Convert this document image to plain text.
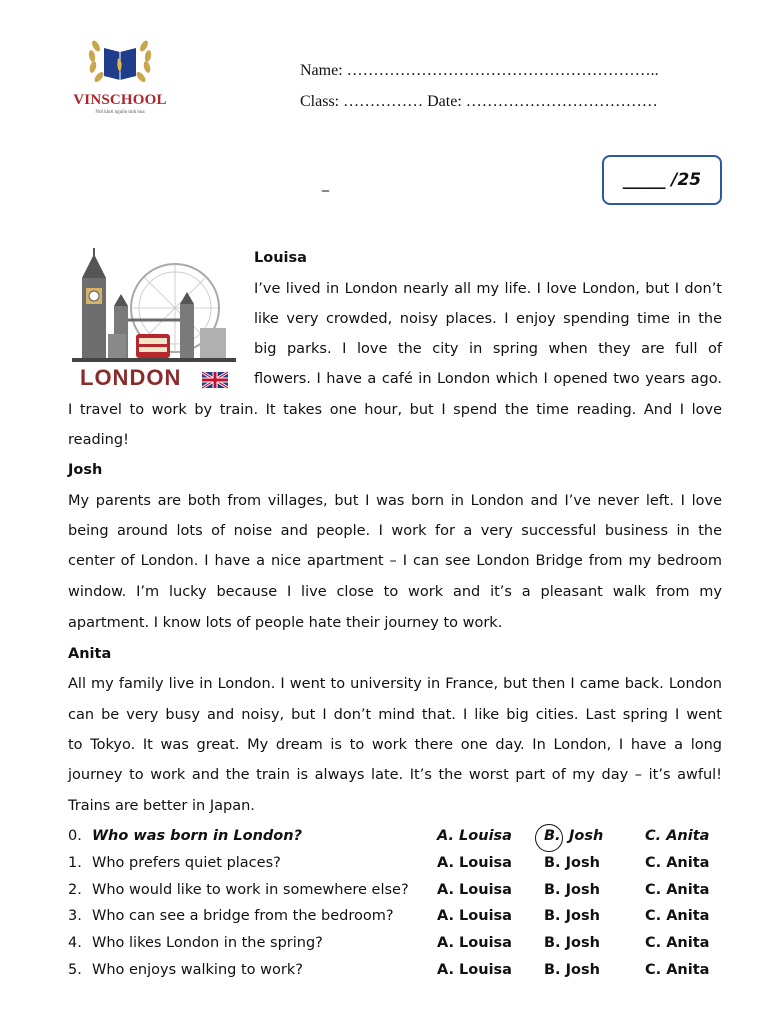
VINSCHOOL
Nơi khơi nguồn tình hoa
Name: …………………………………………………..
Class: …………… Date: ………………………………
_	_____ /25
LONDON
Louisa
I’ve lived in London nearly all my life. I love London, but I don’t
like very crowded, noisy places. I enjoy spending time in the
big parks. I love the city in spring when they are full of
flowers. I have a café in London which I opened two years ago.
I travel to work by train. It takes one hour, but I spend the time reading. And I love
reading!
Josh
My parents are both from villages, but I was born in London and I’ve never left. I love
being around lots of noise and people. I work for a very successful business in the
center of London. I have a nice apartment – I can see London Bridge from my bedroom
window. I’m lucky because I live close to work and it’s a pleasant walk from my
apartment. I know lots of people hate their journey to work.
Anita
All my family live in London. I went to university in France, but then I came back. London
can be very busy and noisy, but I don’t mind that. I like big cities. Last spring I went
to Tokyo. It was great. My dream is to work there one day. In London, I have a long
journey to work and the train is always late. It’s the worst part of my day – it’s awful!
Trains are better in Japan.
0. Who was born in London?	A. Louisa B. Josh	C. Anita
1. Who prefers quiet places?	A. Louisa B. Josh	C. Anita
2. Who would like to work in somewhere else? A. Louisa B. Josh	C. Anita
3. Who can see a bridge from the bedroom?	A. Louisa B. Josh	C. Anita
4. Who likes London in the spring?	A. Louisa B. Josh	C. Anita
5. Who enjoys walking to work?	A. Louisa B. Josh	C. Anita
